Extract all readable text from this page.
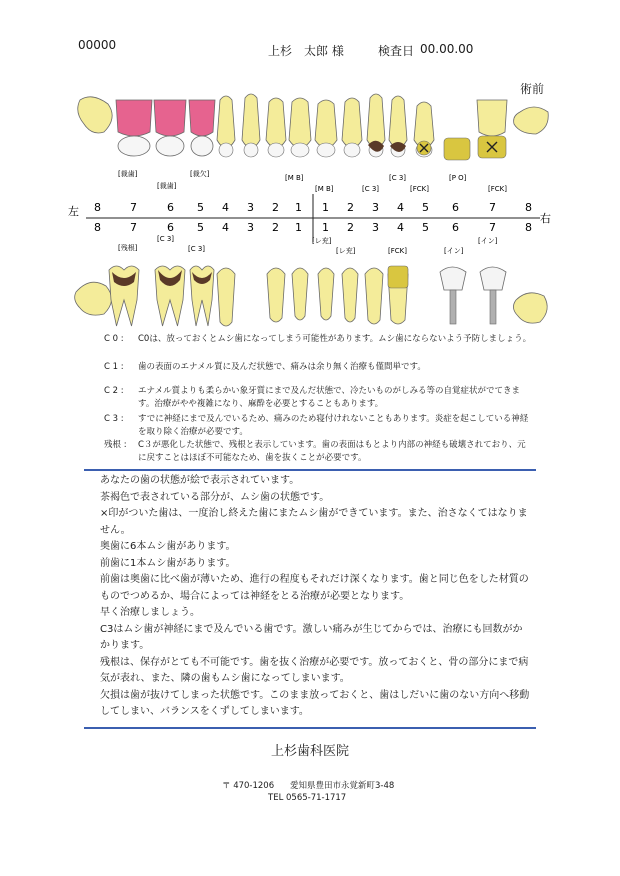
00000	上杉　太郎 様	検査日 00.00.00
術前
左
右
8	7	6 5 4 3 2 1 1 2 3 4 5 6	7	8
8	7	6 5 4 3 2 1 1 2 3 4 5 6	7	8
[裁歯]
[裁歯]
[裁欠]	[M B]
[M B]	[C 3]
[C 3]
[FCK]
[P O]
[FCK]
[残根]
[C 3]
[C 3]
[レ充]
[レ充]	[FCK]	[イン]
[イン]
C 0 :	C0は、放っておくとムシ歯になってしまう可能性があります。ムシ歯にならないよう予防しましょう。
C 1 :	歯の表面のエナメル質に及んだ状態で、痛みは余り無く治療も僅間単です。
C 2 :	エナメル質よりも柔らかい象牙質にまで及んだ状態で、冷たいものがしみる等の自覚症状がでてきます。治療がやや複雑になり、麻酔を必要とすることもあります。
C 3 :	すでに神経にまで及んでいるため、痛みのため寝付けれないこともあります。炎症を起こしている神経を取り除く治療が必要です。
残根 :	C３が悪化した状態で、残根と表示しています。歯の表面はもとより内部の神経も破壊されており、元に戻すことはほぼ不可能なため、歯を抜くことが必要です。
あなたの歯の状態が絵で表示されています。
茶褐色で表されている部分が、ムシ歯の状態です。
×印がついた歯は、一度治し終えた歯にまたムシ歯ができています。また、治さなくてはなりません。
奥歯に6本ムシ歯があります。
前歯に1本ムシ歯があります。
前歯は奥歯に比べ歯が薄いため、進行の程度もそれだけ深くなります。歯と同じ色をした材質のものでつめるか、場合によっては神経をとる治療が必要となります。
早く治療しましょう。
C3はムシ歯が神経にまで及んでいる歯です。激しい痛みが生じてからでは、治療にも回数がかかります。
残根は、保存がとても不可能です。歯を抜く治療が必要です。放っておくと、骨の部分にまで病気が表れ、また、隣の歯もムシ歯になってしまいます。
欠損は歯が抜けてしまった状態です。このまま放っておくと、歯はしだいに歯のない方向へ移動してしまい、バランスをくずしてしまいます。
上杉歯科医院
〒 470-1206 愛知県豊田市永覚新町3-48
TEL 0565-71-1717
